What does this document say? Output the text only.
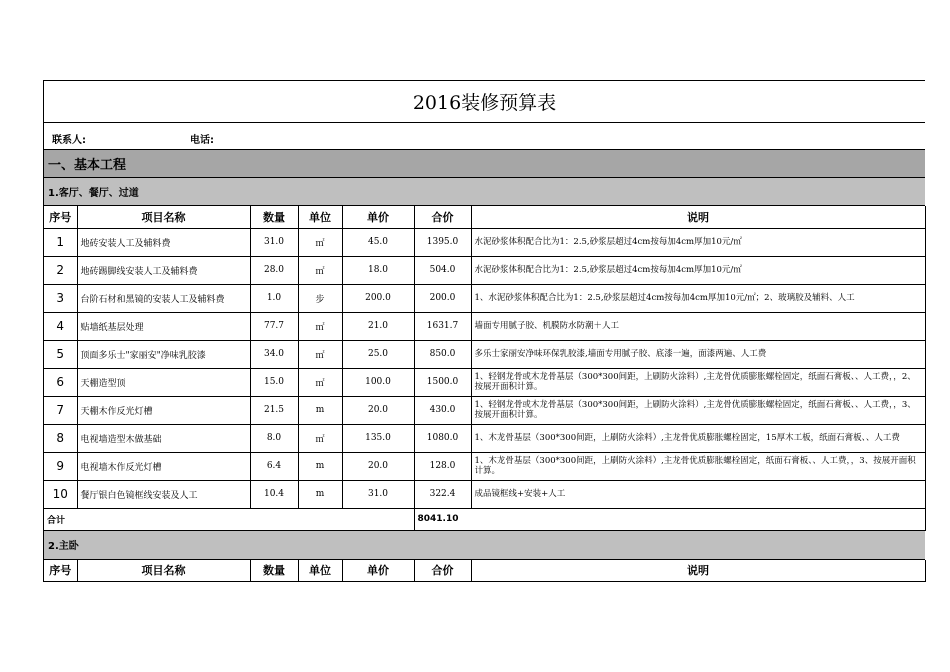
2016装修预算表
联系人:	电话:
一、基本工程
1.客厅、餐厅、过道
序号	项目名称	数量	单位	单价	合价	说明
1	地砖安装人工及辅料费	31.0	㎡	45.0	1395.0	水泥砂浆体积配合比为1：2.5,砂浆层超过4cm按每加4cm厚加10元/㎡
2	地砖踢脚线安装人工及辅料费	28.0	㎡	18.0	504.0	水泥砂浆体积配合比为1：2.5,砂浆层超过4cm按每加4cm厚加10元/㎡
3	台阶石材和黑镜的安装人工及辅料费	1.0	步	200.0	200.0	1、水泥砂浆体积配合比为1：2.5,砂浆层超过4cm按每加4cm厚加10元/㎡；2、玻璃胶及辅料、人工
4	贴墙纸基层处理	77.7	㎡	21.0	1631.7	墙面专用腻子胶、机膜防水防潮＋人工
5	顶面多乐士"家丽安"净味乳胶漆	34.0	㎡	25.0	850.0	多乐士家丽安净味环保乳胶漆,墙面专用腻子胶、底漆一遍，面漆两遍、人工费
6	天棚造型顶	15.0	㎡	100.0	1500.0	1、轻钢龙骨或木龙骨基层（300*300间距，上刷防火涂料）,主龙骨优质膨胀螺栓固定，纸面石膏板、、人工费，，2、按展开面积计算。
7	天棚木作反光灯槽	21.5	m	20.0	430.0	1、轻钢龙骨或木龙骨基层（300*300间距，上刷防火涂料）,主龙骨优质膨胀螺栓固定，纸面石膏板、、人工费，，3、按展开面积计算。
8	电视墙造型木做基础	8.0	㎡	135.0	1080.0	1、木龙骨基层（300*300间距，上刷防火涂料）,主龙骨优质膨胀螺栓固定，15厚木工板，纸面石膏板、、人工费
9	电视墙木作反光灯槽	6.4	m	20.0	128.0	1、木龙骨基层（300*300间距，上刷防火涂料）,主龙骨优质膨胀螺栓固定，纸面石膏板、、人工费，，3、按展开面积计算。
10	餐厅银白色镜框线安装及人工	10.4	m	31.0	322.4	成品镜框线+安装+人工
合计					8041.10	
2.主卧
序号	项目名称	数量	单位	单价	合价	说明
